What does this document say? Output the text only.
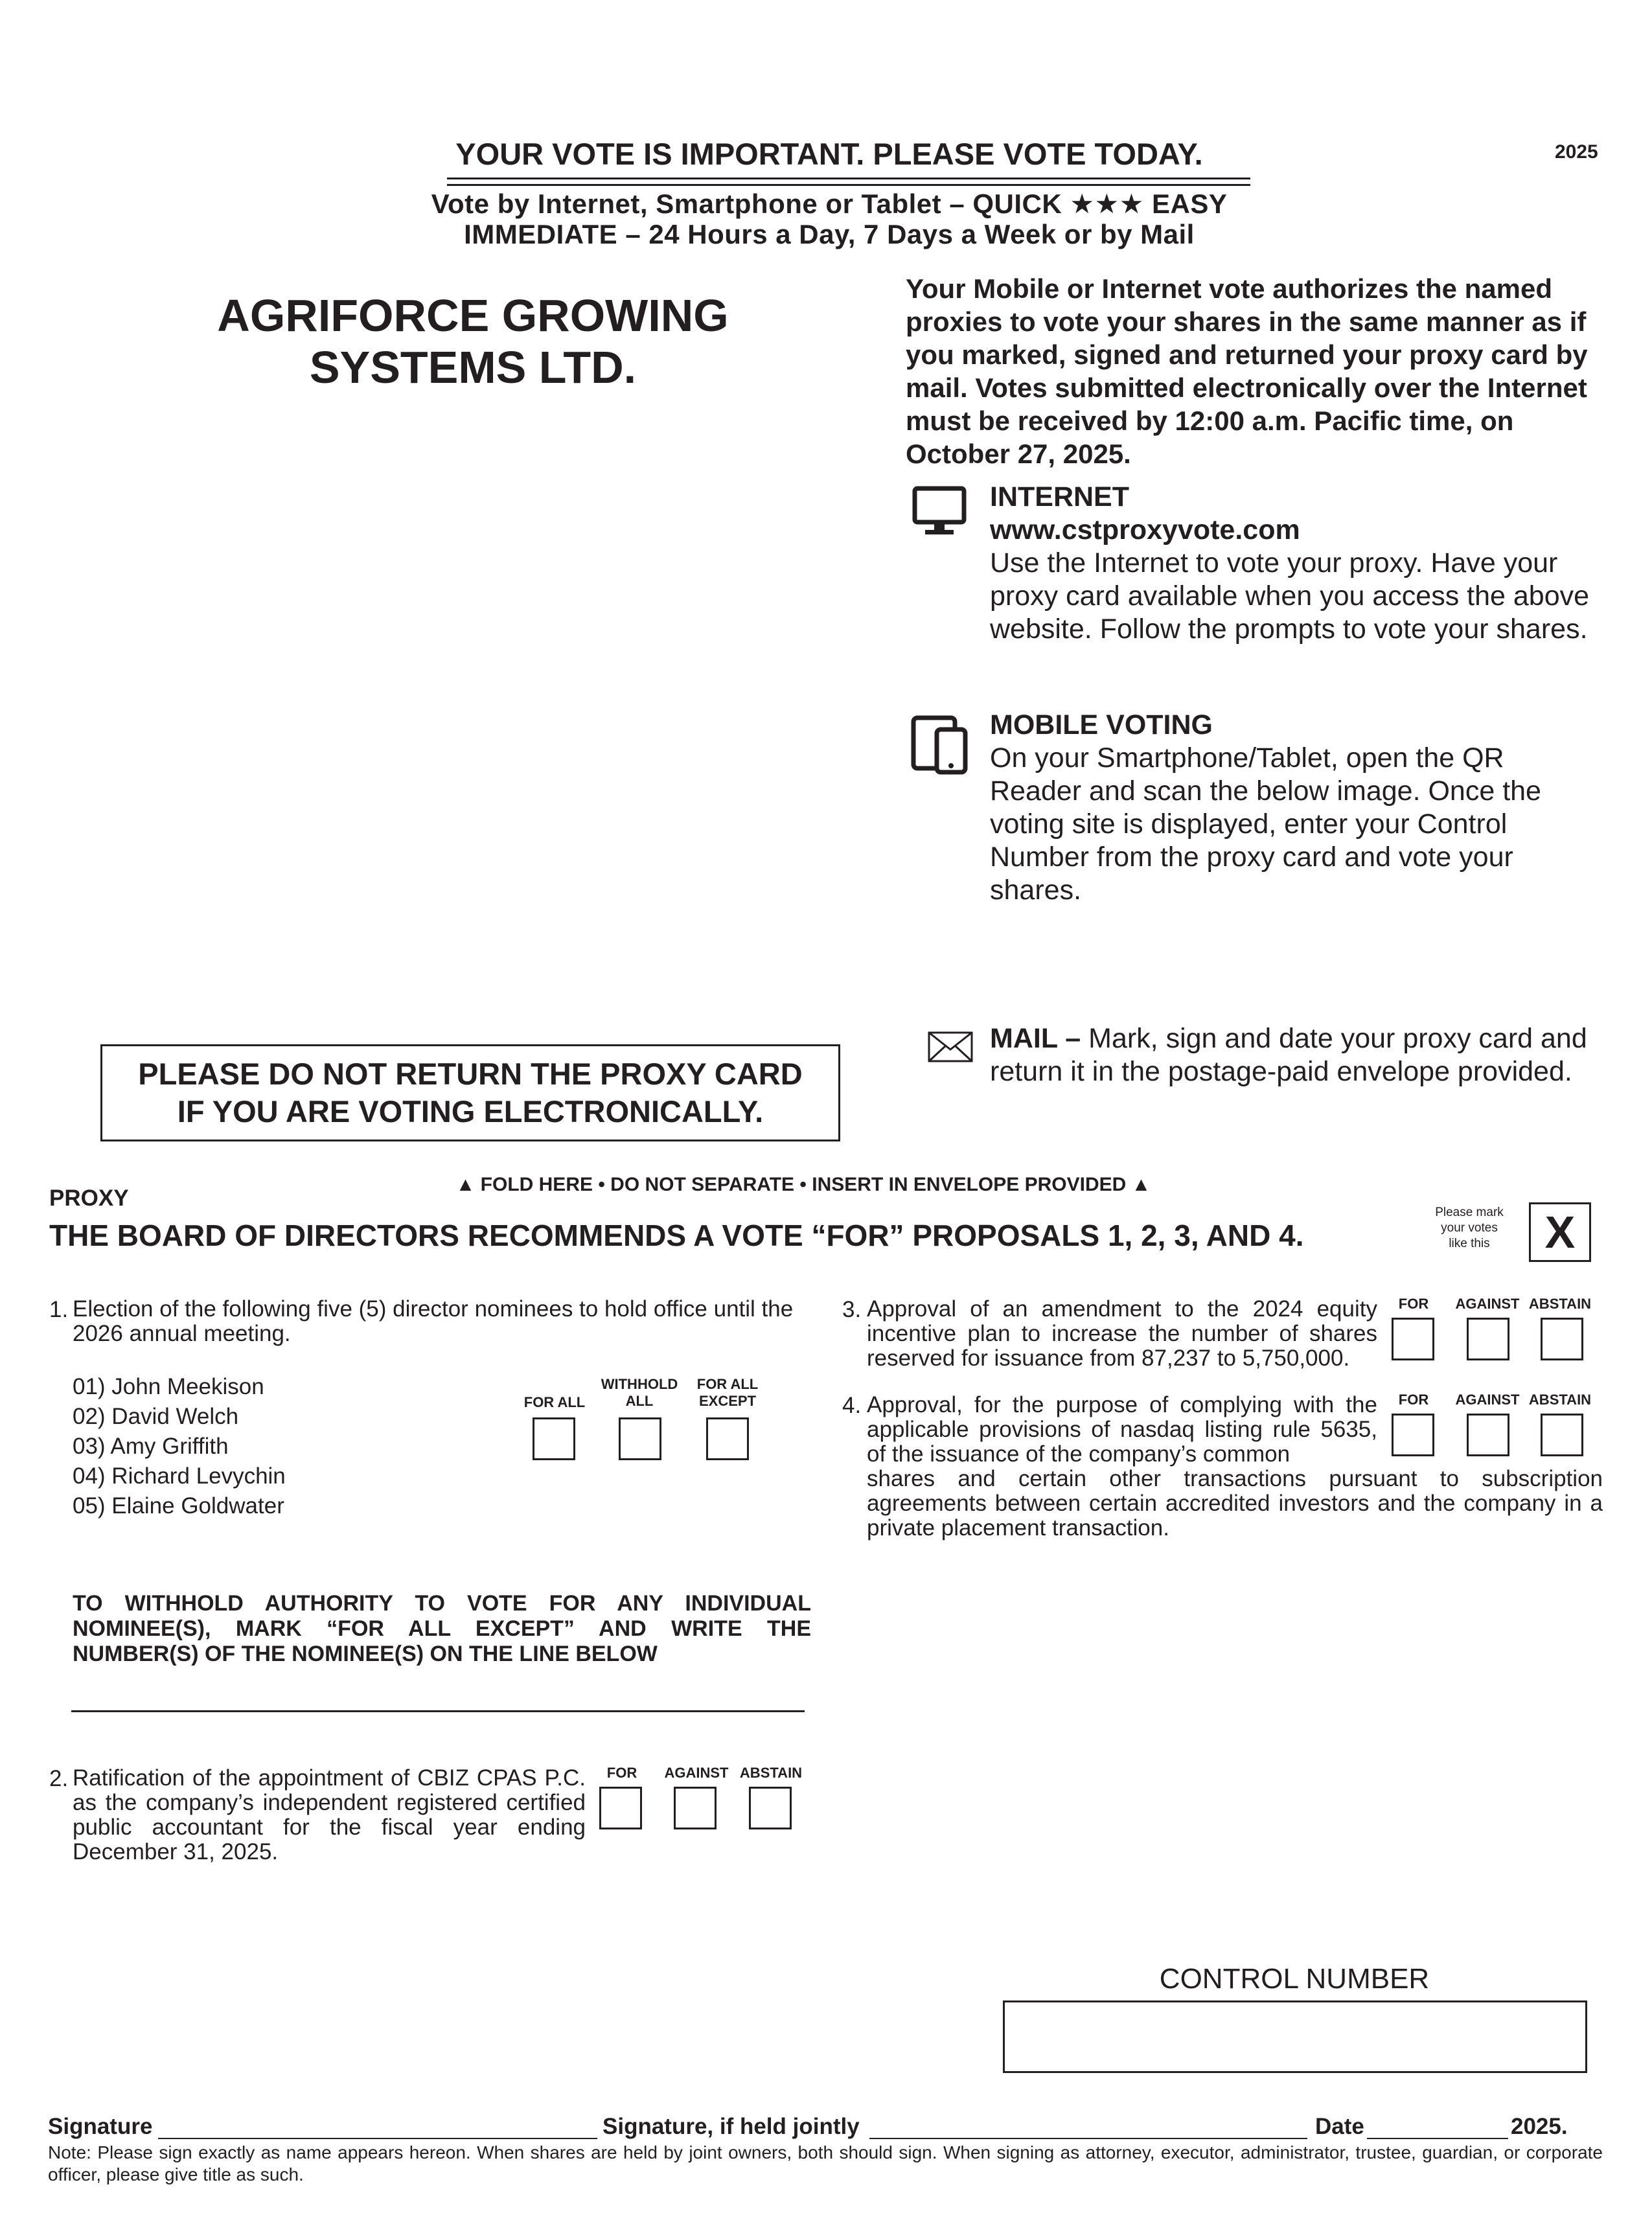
YOUR VOTE IS IMPORTANT. PLEASE VOTE TODAY.	2025
Vote by Internet, Smartphone or Tablet – QUICK ★★★ EASY
IMMEDIATE – 24 Hours a Day, 7 Days a Week or by Mail
AGRIFORCE GROWING
SYSTEMS LTD.
Your Mobile or Internet vote authorizes the named proxies to vote your shares in the same manner as if you marked, signed and returned your proxy card by mail. Votes submitted electronically over the Internet must be received by 12:00 a.m. Pacific time, on October 27, 2025.
INTERNET
www.cstproxyvote.com
Use the Internet to vote your proxy. Have your proxy card available when you access the above website. Follow the prompts to vote your shares.
MOBILE VOTING
On your Smartphone/Tablet, open the QR Reader and scan the below image. Once the voting site is displayed, enter your Control Number from the proxy card and vote your shares.
MAIL – Mark, sign and date your proxy card and return it in the postage-paid envelope provided.
PLEASE DO NOT RETURN THE PROXY CARD
IF YOU ARE VOTING ELECTRONICALLY.
▲ FOLD HERE • DO NOT SEPARATE • INSERT IN ENVELOPE PROVIDED ▲
PROXY
THE BOARD OF DIRECTORS RECOMMENDS A VOTE “FOR” PROPOSALS 1, 2, 3, AND 4.
Please mark
your votes
like this	X
1. Election of the following five (5) director nominees to hold office until the 2026 annual meeting.
01) John Meekison
02) David Welch
03) Amy Griffith
04) Richard Levychin
05) Elaine Goldwater
FOR ALL
WITHHOLD
ALL
FOR ALL
EXCEPT
TO WITHHOLD AUTHORITY TO VOTE FOR ANY INDIVIDUAL NOMINEE(S), MARK “FOR ALL EXCEPT” AND WRITE THE NUMBER(S) OF THE NOMINEE(S) ON THE LINE BELOW
2. Ratification of the appointment of CBIZ CPAS P.C. as the company’s independent registered certified public accountant for the fiscal year ending December 31, 2025.
FOR	AGAINST ABSTAIN
3. Approval of an amendment to the 2024 equity incentive plan to increase the number of shares reserved for issuance from 87,237 to 5,750,000.
FOR	AGAINST ABSTAIN
4. Approval, for the purpose of complying with the applicable provisions of nasdaq listing rule 5635, of the issuance of the company’s common
shares and certain other transactions pursuant to subscription agreements between certain accredited investors and the company in a private placement transaction.
FOR	AGAINST ABSTAIN
CONTROL NUMBER
Signature	Signature, if held jointly	Date	2025.
Note: Please sign exactly as name appears hereon. When shares are held by joint owners, both should sign. When signing as attorney, executor, administrator, trustee, guardian, or corporate officer, please give title as such.
